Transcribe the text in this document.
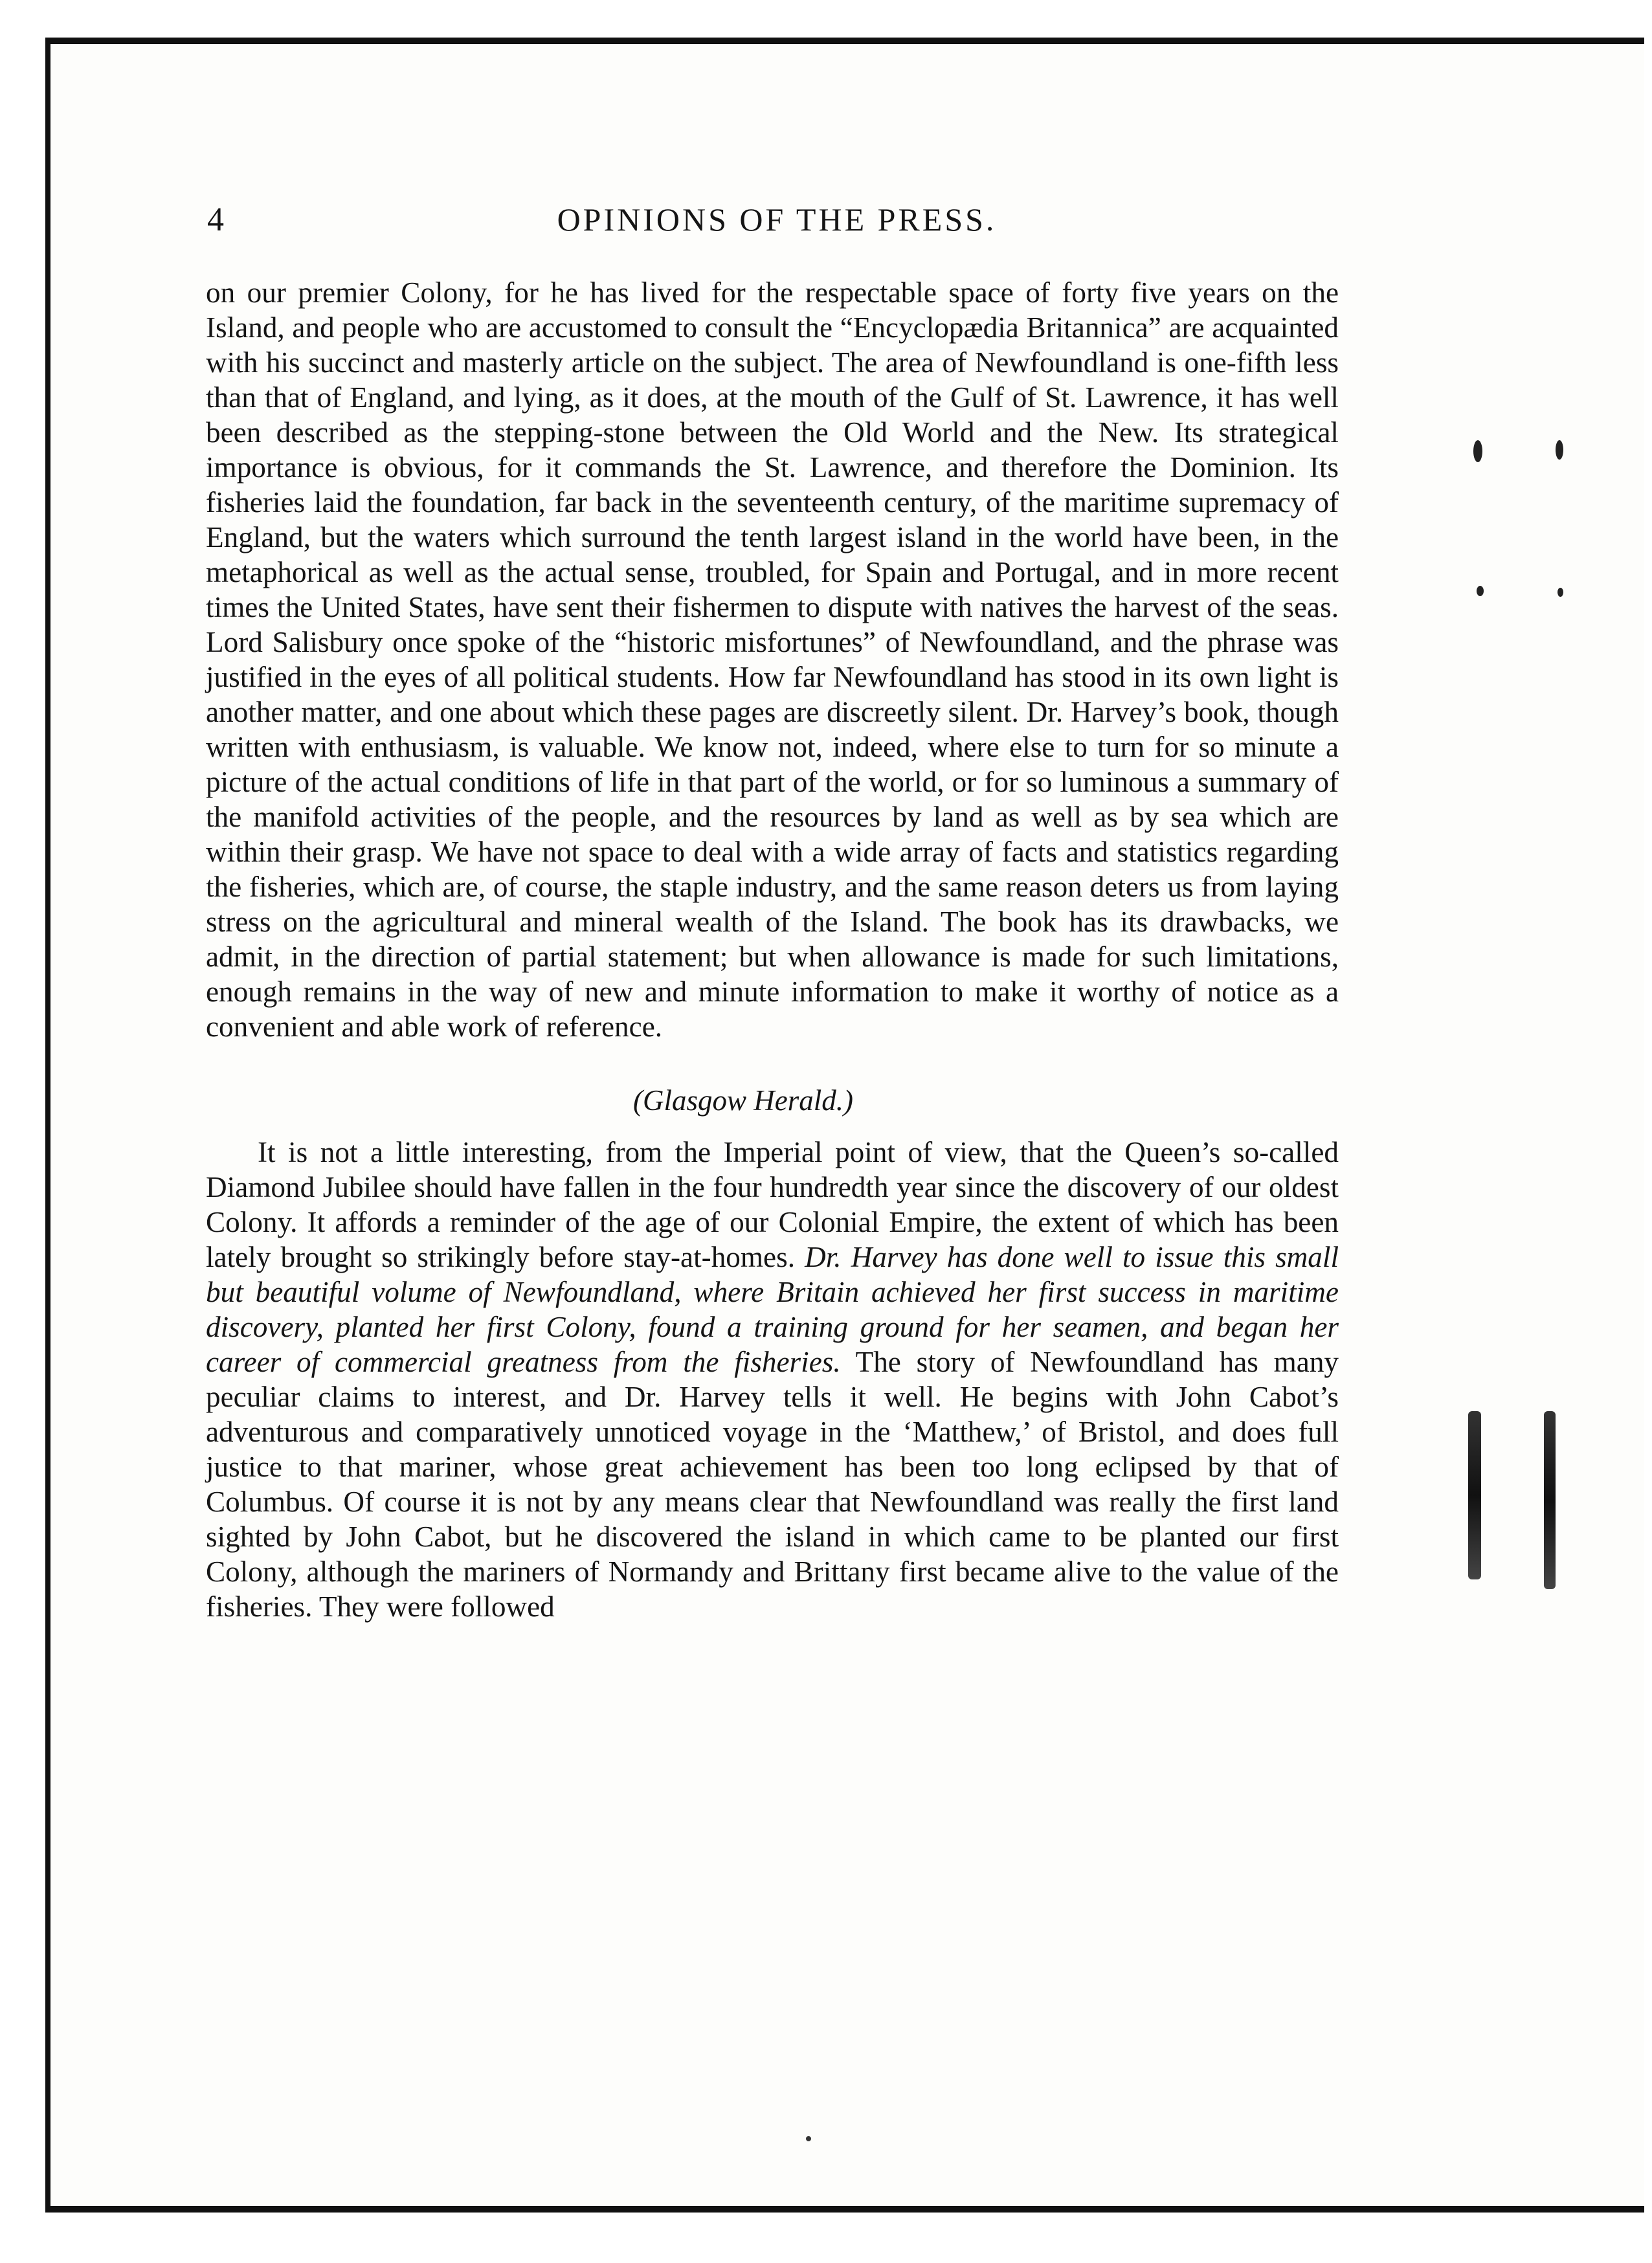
4	OPINIONS OF THE PRESS.

on our premier Colony, for he has lived for the respectable space of forty five years on the Island, and people who are accustomed to consult the “Encyclopædia Britannica” are acquainted with his succinct and masterly article on the subject. The area of Newfoundland is one-fifth less than that of England, and lying, as it does, at the mouth of the Gulf of St. Lawrence, it has well been described as the stepping-stone between the Old World and the New. Its strategical importance is obvious, for it commands the St. Lawrence, and therefore the Dominion. Its fisheries laid the foundation, far back in the seventeenth century, of the maritime supremacy of England, but the waters which surround the tenth largest island in the world have been, in the metaphorical as well as the actual sense, troubled, for Spain and Portugal, and in more recent times the United States, have sent their fishermen to dispute with natives the harvest of the seas. Lord Salisbury once spoke of the “historic misfortunes” of Newfoundland, and the phrase was justified in the eyes of all political students. How far Newfoundland has stood in its own light is another matter, and one about which these pages are discreetly silent. Dr. Harvey’s book, though written with enthusiasm, is valuable. We know not, indeed, where else to turn for so minute a picture of the actual conditions of life in that part of the world, or for so luminous a summary of the manifold activities of the people, and the resources by land as well as by sea which are within their grasp. We have not space to deal with a wide array of facts and statistics regarding the fisheries, which are, of course, the staple industry, and the same reason deters us from laying stress on the agricultural and mineral wealth of the Island. The book has its drawbacks, we admit, in the direction of partial statement; but when allowance is made for such limitations, enough remains in the way of new and minute information to make it worthy of notice as a convenient and able work of reference.

(Glasgow Herald.)

It is not a little interesting, from the Imperial point of view, that the Queen’s so-called Diamond Jubilee should have fallen in the four hundredth year since the discovery of our oldest Colony. It affords a reminder of the age of our Colonial Empire, the extent of which has been lately brought so strikingly before stay-at-homes. Dr. Harvey has done well to issue this small but beautiful volume of Newfoundland, where Britain achieved her first success in maritime discovery, planted her first Colony, found a training ground for her seamen, and began her career of commercial greatness from the fisheries. The story of Newfoundland has many peculiar claims to interest, and Dr. Harvey tells it well. He begins with John Cabot’s adventurous and comparatively unnoticed voyage in the ‘Matthew,’ of Bristol, and does full justice to that mariner, whose great achievement has been too long eclipsed by that of Columbus. Of course it is not by any means clear that Newfoundland was really the first land sighted by John Cabot, but he discovered the island in which came to be planted our first Colony, although the mariners of Normandy and Brittany first became alive to the value of the fisheries. They were followed
